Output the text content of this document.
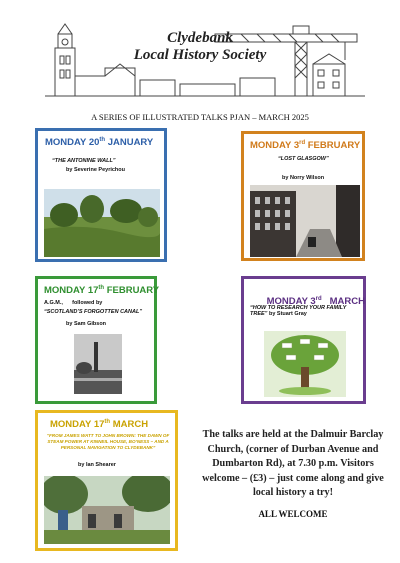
Clydebank
Local History Society
A SERIES OF ILLUSTRATED TALKS PJAN – MARCH 2025
MONDAY 20th JANUARY
“THE ANTONINE WALL”
by Severine Peyrichou
MONDAY 3rd FEBRUARY
“LOST GLASGOW”
by Norry Wilson
MONDAY 17th FEBRUARY
A.G.M.,      followed by
“SCOTLAND’S FORGOTTEN CANAL”
by Sam Gibson

MONDAY 3rd   MARCH

“HOW TO RESEARCH YOUR FAMILY TREE” by Stuart Gray
MONDAY 17th MARCH
“FROM JAMES WATT TO JOHN BROWN: THE DAWN OF STEAM POWER AT KINNEIL HOUSE, BO’NESS – AND A PERSONAL NAVIGATION TO CLYDEBANK”
by Ian Shearer
The talks are held at the Dalmuir Barclay Church, (corner of Durban Avenue and Dumbarton Rd), at 7.30 p.m. Visitors welcome – (£3) – just come along and give local history a try!
ALL WELCOME
